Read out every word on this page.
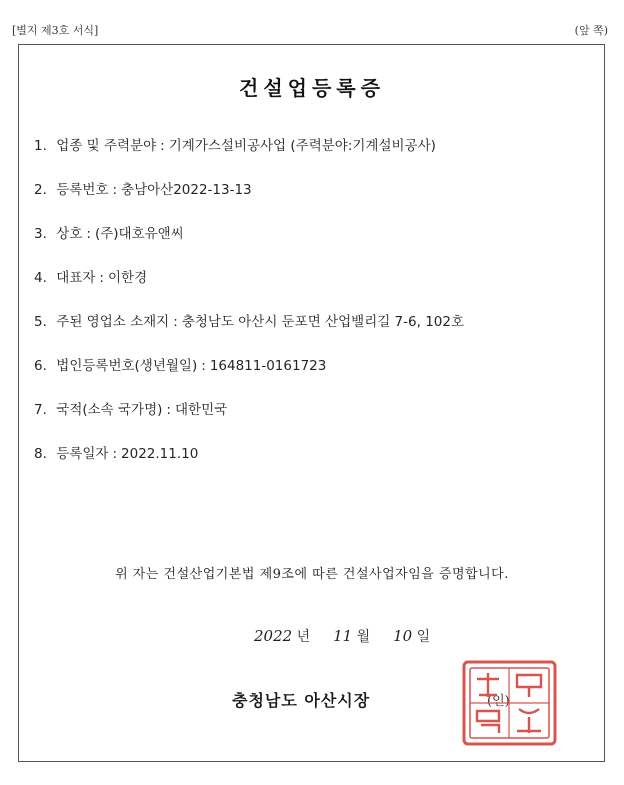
[별지 제3호 서식]	(앞 쪽)
건설업등록증
1. 업종 및 주력분야 : 기계가스설비공사업 (주력분야:기계설비공사)
2. 등록번호 : 충남아산2022-13-13
3. 상호 : (주)대호유앤씨
4. 대표자 : 이한경
5. 주된 영업소 소재지 : 충청남도 아산시 둔포면 산업밸리길 7-6, 102호
6. 법인등록번호(생년월일) : 164811-0161723
7. 국적(소속 국가명) : 대한민국
8. 등록일자 : 2022.11.10
위 자는 건설산업기본법 제9조에 따른 건설사업자임을 증명합니다.
2022 년 11 월 10 일
충청남도 아산시장	(인)
